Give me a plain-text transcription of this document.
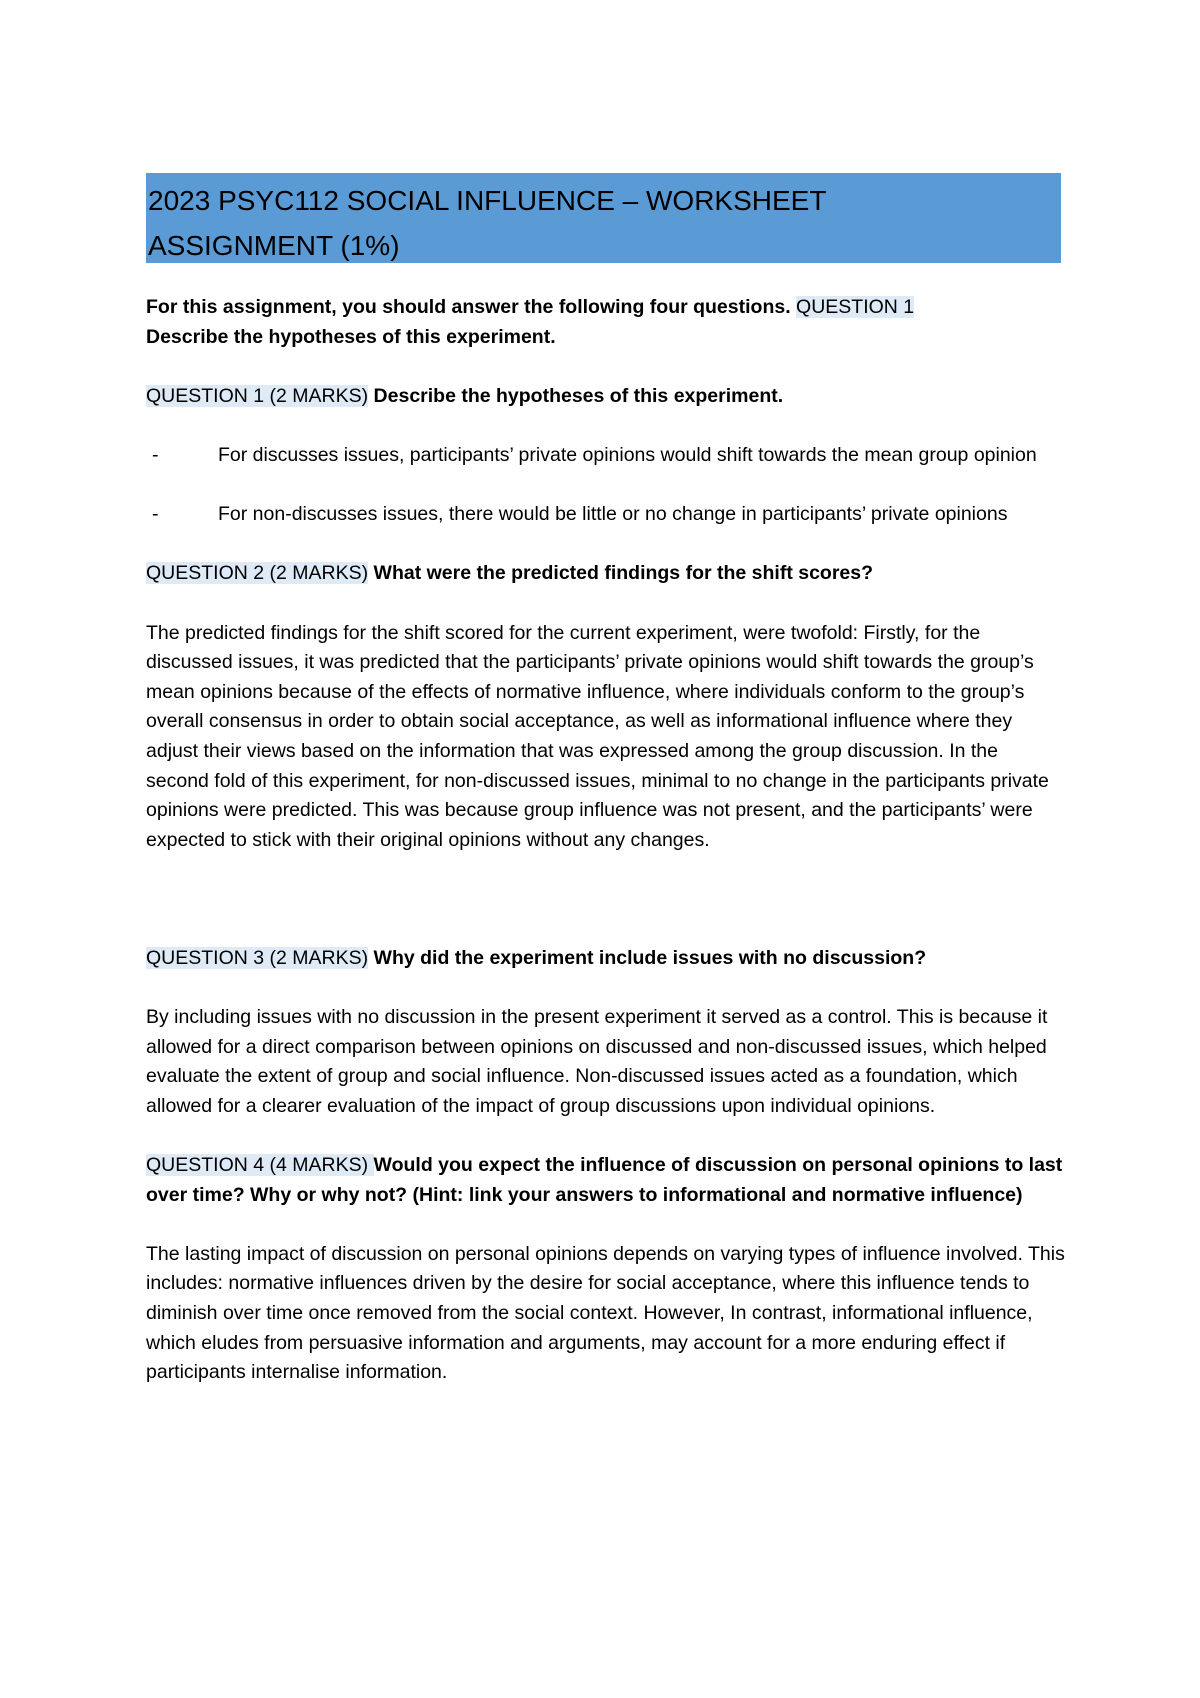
2023 PSYC112 SOCIAL INFLUENCE – WORKSHEET
ASSIGNMENT (1%)

For this assignment, you should answer the following four questions. QUESTION 1
Describe the hypotheses of this experiment.

QUESTION 1 (2 MARKS) Describe the hypotheses of this experiment.

-	For discusses issues, participants’ private opinions would shift towards the mean group opinion
-	For non-discusses issues, there would be little or no change in participants’ private opinions

QUESTION 2 (2 MARKS) What were the predicted findings for the shift scores?

The predicted findings for the shift scored for the current experiment, were twofold: Firstly, for the discussed issues, it was predicted that the participants’ private opinions would shift towards the group’s mean opinions because of the effects of normative influence, where individuals conform to the group’s overall consensus in order to obtain social acceptance, as well as informational influence where they adjust their views based on the information that was expressed among the group discussion. In the second fold of this experiment, for non-discussed issues, minimal to no change in the participants private opinions were predicted. This was because group influence was not present, and the participants’ were expected to stick with their original opinions without any changes.

QUESTION 3 (2 MARKS) Why did the experiment include issues with no discussion?

By including issues with no discussion in the present experiment it served as a control. This is because it allowed for a direct comparison between opinions on discussed and non-discussed issues, which helped evaluate the extent of group and social influence. Non-discussed issues acted as a foundation, which allowed for a clearer evaluation of the impact of group discussions upon individual opinions.

QUESTION 4 (4 MARKS) Would you expect the influence of discussion on personal opinions to last over time? Why or why not? (Hint: link your answers to informational and normative influence)

The lasting impact of discussion on personal opinions depends on varying types of influence involved. This includes: normative influences driven by the desire for social acceptance, where this influence tends to diminish over time once removed from the social context. However, In contrast, informational influence, which eludes from persuasive information and arguments, may account for a more enduring effect if participants internalise information.
